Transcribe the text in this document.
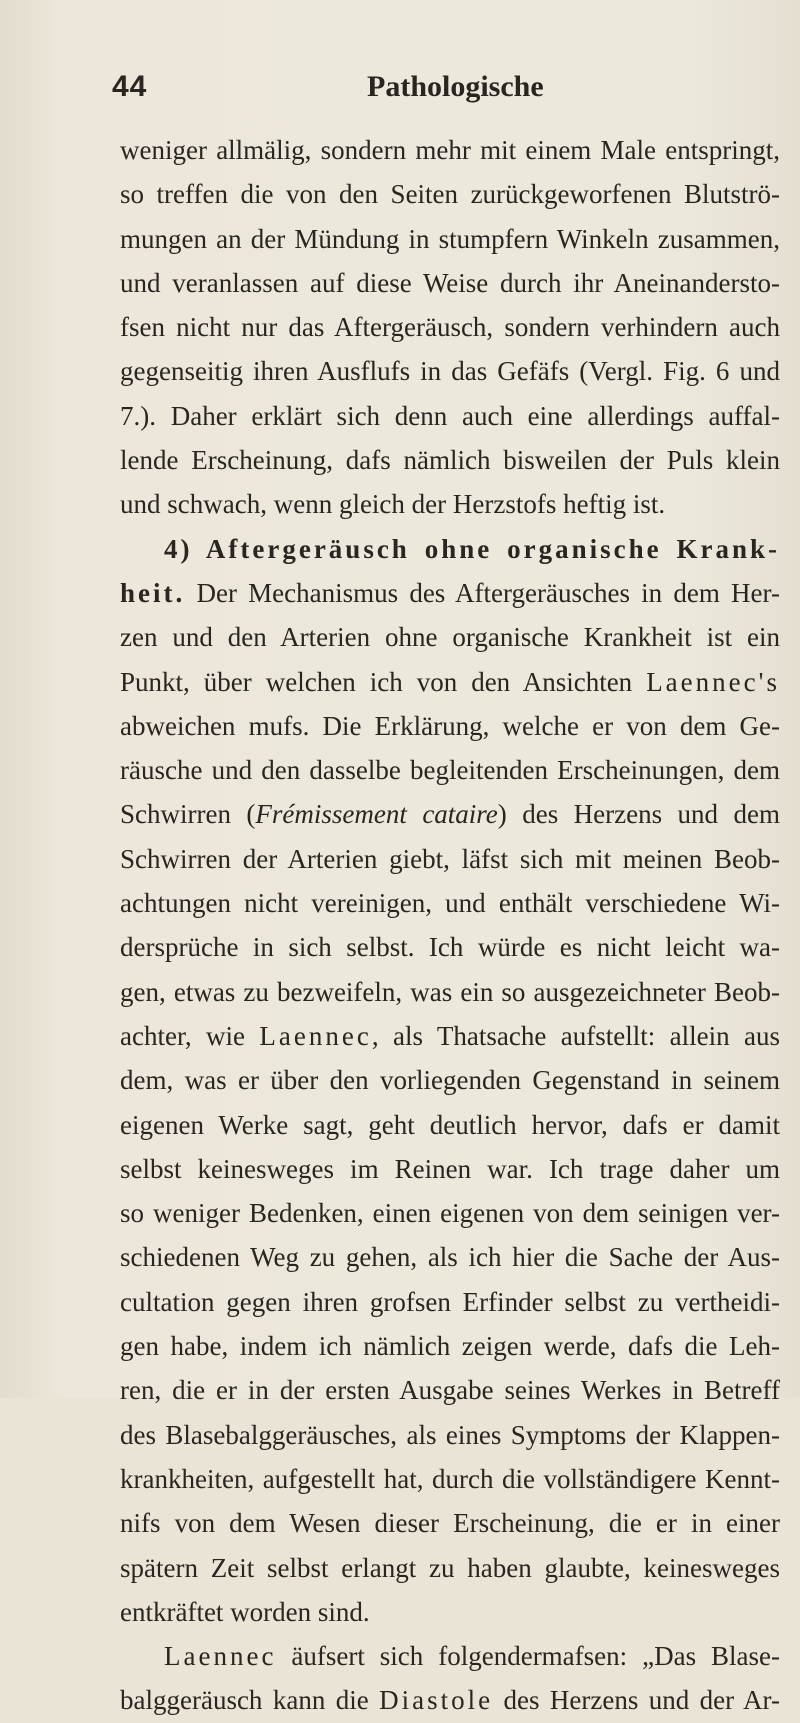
44	Pathologische
weniger allmälig, sondern mehr mit einem Male entspringt,
so treffen die von den Seiten zurückgeworfenen Blutströ-
mungen an der Mündung in stumpfern Winkeln zusammen,
und veranlassen auf diese Weise durch ihr Aneinandersto-
fsen nicht nur das Aftergeräusch, sondern verhindern auch
gegenseitig ihren Ausflufs in das Gefäfs (Vergl. Fig. 6 und
7.). Daher erklärt sich denn auch eine allerdings auffal-
lende Erscheinung, dafs nämlich bisweilen der Puls klein
und schwach, wenn gleich der Herzstofs heftig ist.
4) Aftergeräusch ohne organische Krank-
heit. Der Mechanismus des Aftergeräusches in dem Her-
zen und den Arterien ohne organische Krankheit ist ein
Punkt, über welchen ich von den Ansichten Laennec's
abweichen mufs. Die Erklärung, welche er von dem Ge-
räusche und den dasselbe begleitenden Erscheinungen, dem
Schwirren (Frémissement cataire) des Herzens und dem
Schwirren der Arterien giebt, läfst sich mit meinen Beob-
achtungen nicht vereinigen, und enthält verschiedene Wi-
dersprüche in sich selbst. Ich würde es nicht leicht wa-
gen, etwas zu bezweifeln, was ein so ausgezeichneter Beob-
achter, wie Laennec, als Thatsache aufstellt: allein aus
dem, was er über den vorliegenden Gegenstand in seinem
eigenen Werke sagt, geht deutlich hervor, dafs er damit
selbst keinesweges im Reinen war. Ich trage daher um
so weniger Bedenken, einen eigenen von dem seinigen ver-
schiedenen Weg zu gehen, als ich hier die Sache der Aus-
cultation gegen ihren grofsen Erfinder selbst zu vertheidi-
gen habe, indem ich nämlich zeigen werde, dafs die Leh-
ren, die er in der ersten Ausgabe seines Werkes in Betreff
des Blasebalggeräusches, als eines Symptoms der Klappen-
krankheiten, aufgestellt hat, durch die vollständigere Kennt-
nifs von dem Wesen dieser Erscheinung, die er in einer
spätern Zeit selbst erlangt zu haben glaubte, keinesweges
entkräftet worden sind.
Laennec äufsert sich folgendermafsen: „Das Blase-
balggeräusch kann die Diastole des Herzens und der Ar-
